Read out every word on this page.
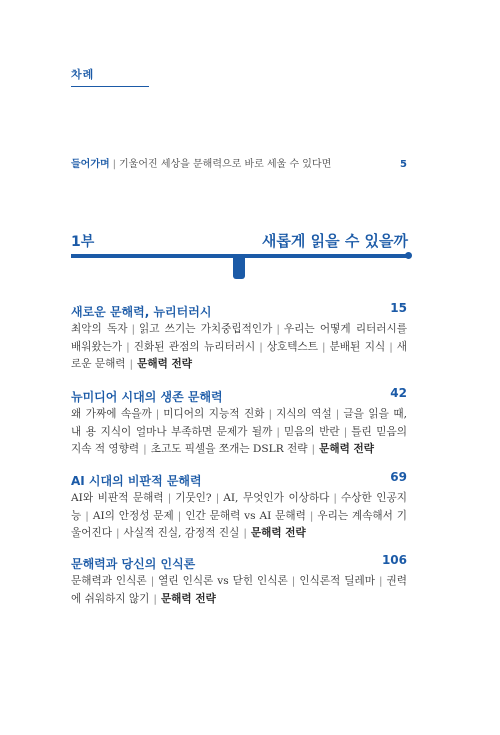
차례
들어가며 | 기울어진 세상을 문해력으로 바로 세울 수 있다면	5
1부	새롭게 읽을 수 있을까
새로운 문해력, 뉴리터러시	15
최악의 독자 | 읽고 쓰기는 가치중립적인가 | 우리는 어떻게 리터러시를 배워왔는가 | 진화된 관점의 뉴리터러시 | 상호텍스트 | 분배된 지식 | 새로운 문해력 | 문해력 전략
뉴미디어 시대의 생존 문해력	42
왜 가짜에 속을까 | 미디어의 지능적 진화 | 지식의 역설 | 글을 읽을 때, 내 용 지식이 얼마나 부족하면 문제가 될까 | 믿음의 반란 | 틀린 믿음의 지속 적 영향력 | 초고도 픽셀을 쪼개는 DSLR 전략 | 문해력 전략
AI 시대의 비판적 문해력	69
AI와 비판적 문해력 | 기뭇인? | AI, 무엇인가 이상하다 | 수상한 인공지능 | AI의 안정성 문제 | 인간 문해력 vs AI 문해력 | 우리는 계속해서 기울어진다 | 사실적 진실, 감정적 진실 | 문해력 전략
문해력과 당신의 인식론	106
문해력과 인식론 | 열린 인식론 vs 닫힌 인식론 | 인식론적 딜레마 | 권력에 쉬워하지 않기 | 문해력 전략
